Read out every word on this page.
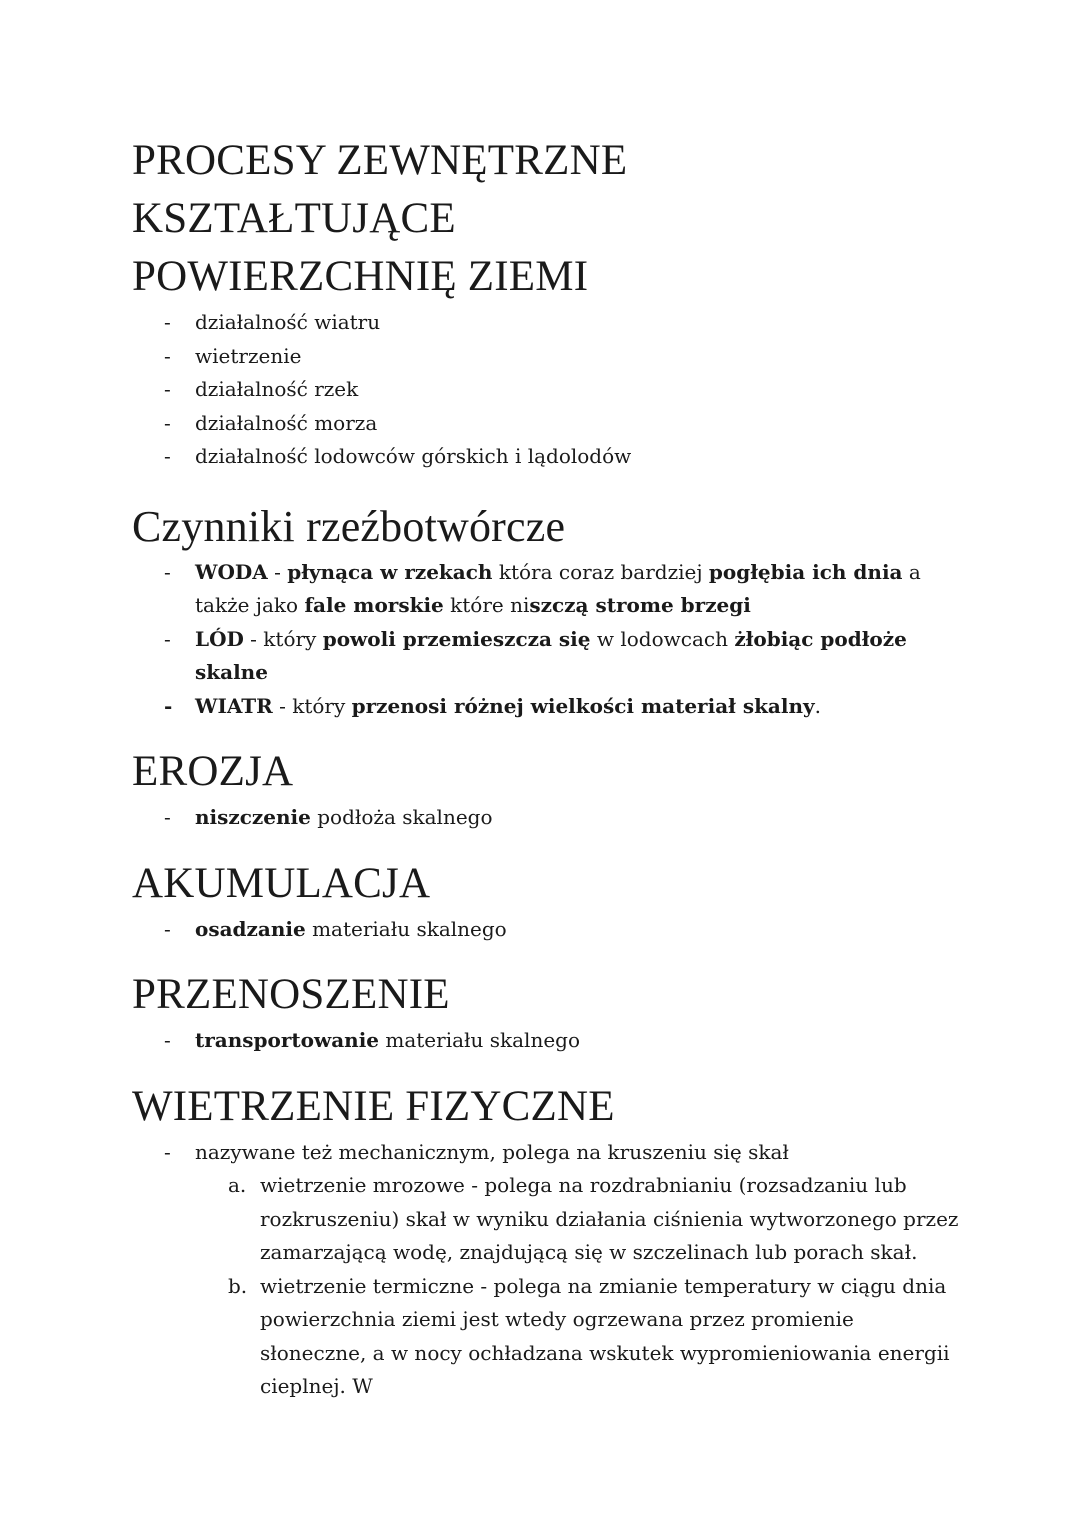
PROCESY ZEWNĘTRZNE KSZTAŁTUJĄCE
POWIERZCHNIĘ ZIEMI
- działalność wiatru
- wietrzenie
- działalność rzek
- działalność morza
- działalność lodowców górskich i lądolodów
Czynniki rzeźbotwórcze
- WODA - płynąca w rzekach która coraz bardziej pogłębia ich dnia a także jako fale morskie które niszczą strome brzegi
- LÓD - który powoli przemieszcza się w lodowcach żłobiąc podłoże skalne
- WIATR - który przenosi różnej wielkości materiał skalny.
EROZJA
- niszczenie podłoża skalnego
AKUMULACJA
- osadzanie materiału skalnego
PRZENOSZENIE
- transportowanie materiału skalnego
WIETRZENIE FIZYCZNE
- nazywane też mechanicznym, polega na kruszeniu się skał
a. wietrzenie mrozowe - polega na rozdrabnianiu (rozsadzaniu lub rozkruszeniu) skał w wyniku działania ciśnienia wytworzonego przez zamarzającą wodę, znajdującą się w szczelinach lub porach skał.
b. wietrzenie termiczne - polega na zmianie temperatury w ciągu dnia powierzchnia ziemi jest wtedy ogrzewana przez promienie słoneczne, a w nocy ochładzana wskutek wypromieniowania energii cieplnej. W
